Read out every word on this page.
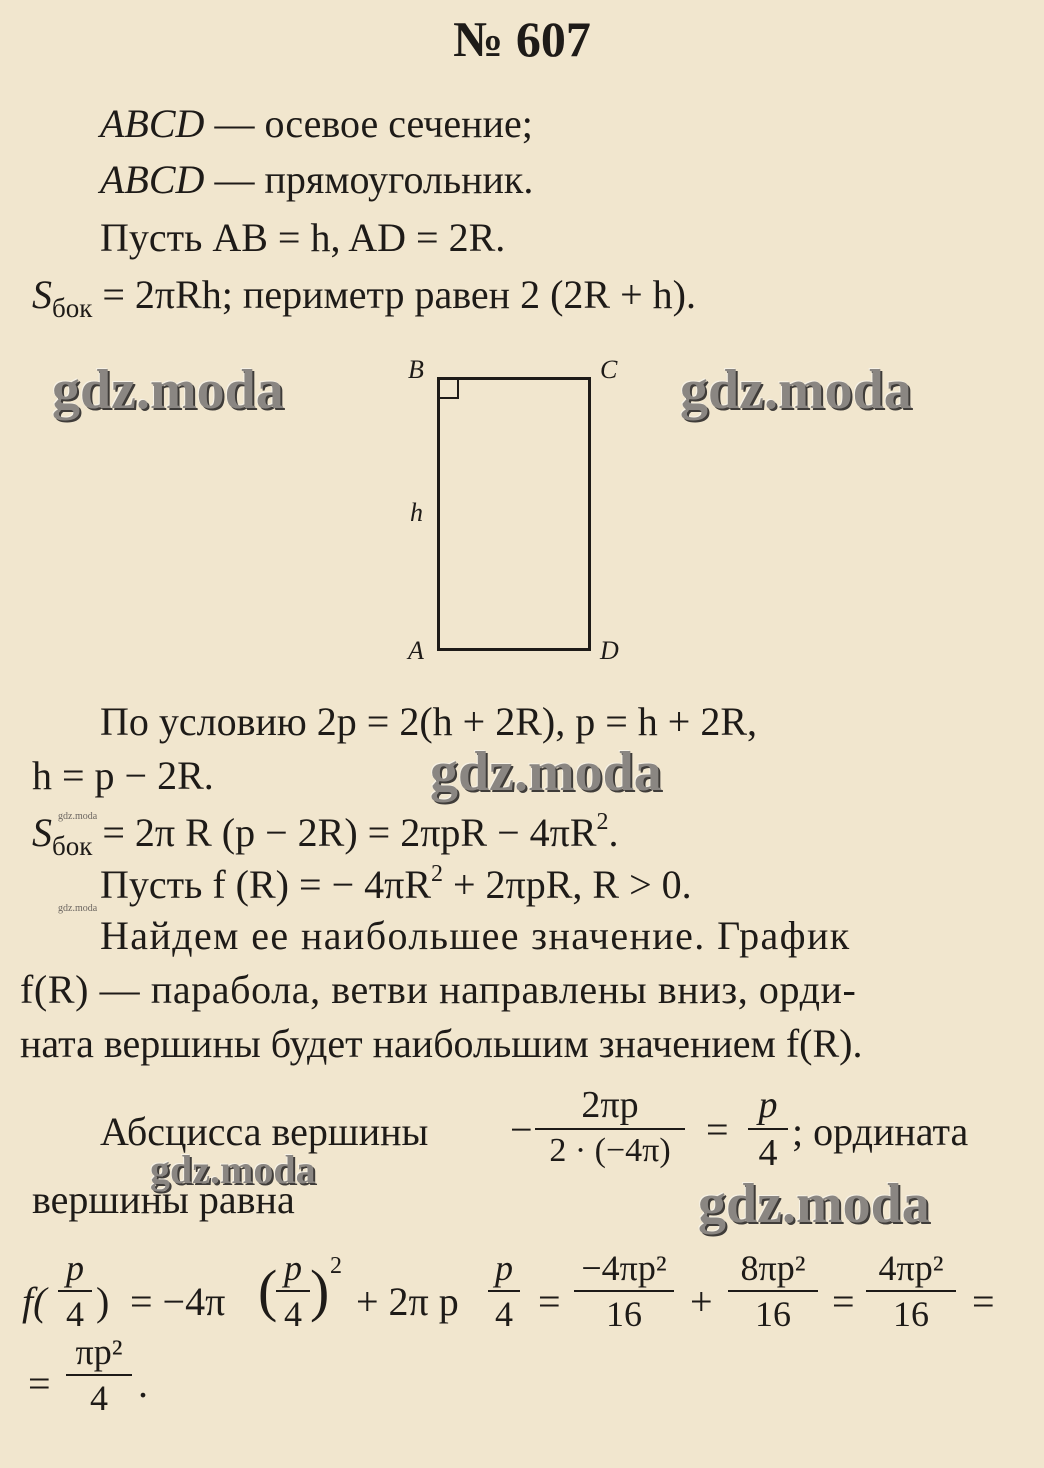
№ 607
ABCD — осевое сечение;
ABCD — прямоугольник.
Пусть AB = h, AD = 2R.
$S_{бок} = 2\pi Rh$; периметр равен 2 (2R + h).
B	C
A	D
h
По условию 2p = 2(h + 2R), p = h + 2R,
h = p − 2R.
$S_{бок} = 2\pi$ R $(p - 2R) = 2\pi pR - 4\pi R^2$.
Пусть f (R) = − $4\pi R^2 + 2\pi pR$, R > 0.
Найдем ее наибольшее значение. График
f(R) — парабола, ветви направлены вниз, орди-
ната вершины будет наибольшим значением f(R).
Абсцисса вершины −
2πp
2 · (−4π) =
p
4 ; ордината
вершины равна
f(
p
4 ) = −4π ( p
4 ) 2
+ 2π p
p
4 =
−4πp²
16	+
8πp²
16	=
4πp²
16	=
=
πp²
4 .
gdz.moda	gdz.moda
gdz.moda
gdz.moda
gdz.moda
gdz.moda
gdz.moda
